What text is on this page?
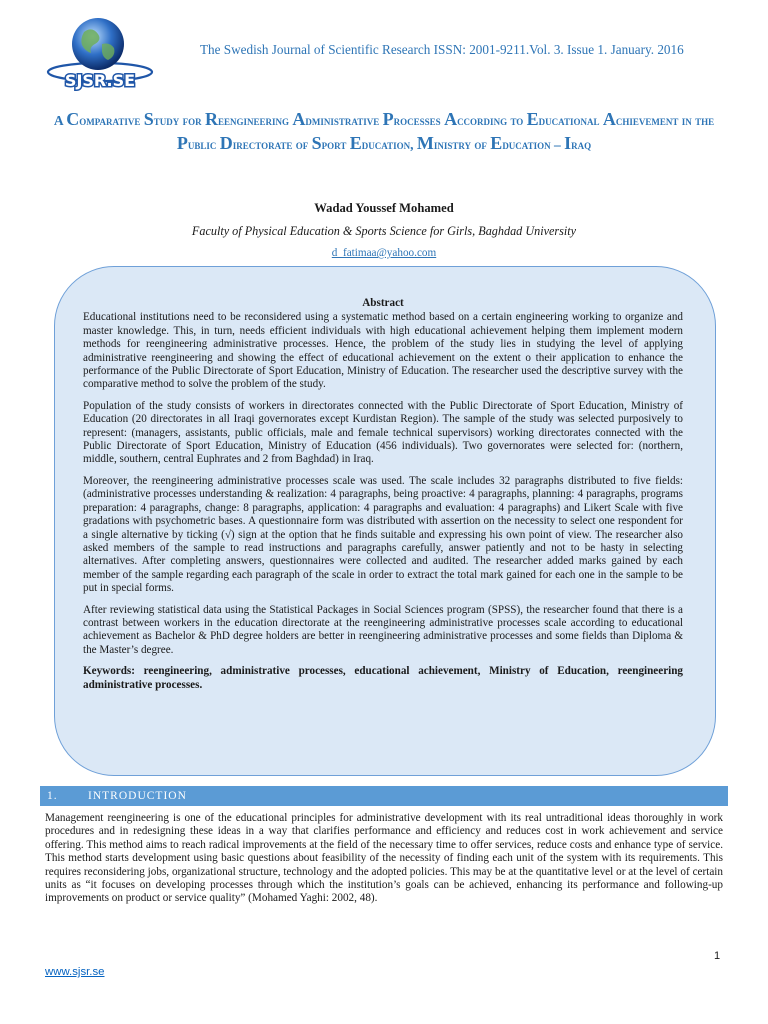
SJSR.SE
The Swedish Journal of Scientific Research ISSN: 2001-9211.Vol. 3. Issue 1. January. 2016
A Comparative Study for Reengineering Administrative Processes According to Educational Achievement in the Public Directorate of Sport Education, Ministry of Education – Iraq
Wadad Youssef Mohamed
Faculty of Physical Education & Sports Science for Girls, Baghdad University
d_fatimaa@yahoo.com

Abstract

Educational institutions need to be reconsidered using a systematic method based on a certain engineering working to organize and master knowledge. This, in turn, needs efficient individuals with high educational achievement helping them implement modern methods for reengineering administrative processes. Hence, the problem of the study lies in studying the level of applying administrative reengineering and showing the effect of educational achievement on the extent o their application to enhance the performance of the Public Directorate of Sport Education, Ministry of Education. The researcher used the descriptive survey with the comparative method to solve the problem of the study.

Population of the study consists of workers in directorates connected with the Public Directorate of Sport Education, Ministry of Education (20 directorates in all Iraqi governorates except Kurdistan Region). The sample of the study was selected purposively to represent: (managers, assistants, public officials, male and female technical supervisors) working directorates connected with the Public Directorate of Sport Education, Ministry of Education (456 individuals). Two governorates were selected for: (northern, middle, southern, central Euphrates and 2 from Baghdad) in Iraq.

Moreover, the reengineering administrative processes scale was used. The scale includes 32 paragraphs distributed to five fields: (administrative processes understanding & realization: 4 paragraphs, being proactive: 4 paragraphs, planning: 4 paragraphs, programs preparation: 4 paragraphs, change: 8 paragraphs, application: 4 paragraphs and evaluation: 4 paragraphs) and Likert Scale with five gradations with psychometric bases. A questionnaire form was distributed with assertion on the necessity to select one respondent for a single alternative by ticking (√) sign at the option that he finds suitable and expressing his own point of view. The researcher also asked members of the sample to read instructions and paragraphs carefully, answer patiently and not to be hasty in selecting alternatives. After completing answers, questionnaires were collected and audited. The researcher added marks gained by each member of the sample regarding each paragraph of the scale in order to extract the total mark gained for each one in the sample to be put in special forms.

After reviewing statistical data using the Statistical Packages in Social Sciences program (SPSS), the researcher found that there is a contrast between workers in the education directorate at the reengineering administrative processes scale according to educational achievement as Bachelor & PhD degree holders are better in reengineering administrative processes and some fields than Diploma & the Master’s degree.

Keywords: reengineering, administrative processes, educational achievement, Ministry of Education, reengineering administrative processes.

1.	INTRODUCTION

Management reengineering is one of the educational principles for administrative development with its real untraditional ideas thoroughly in work procedures and in redesigning these ideas in a way that clarifies performance and efficiency and reduces cost in work achievement and service offering. This method aims to reach radical improvements at the field of the necessary time to offer services, reduce costs and enhance type of service. This method starts development using basic questions about feasibility of the necessity of finding each unit of the system with its requirements. This requires reconsidering jobs, organizational structure, technology and the adopted policies. This may be at the quantitative level or at the level of certain units as “it focuses on developing processes through which the institution’s goals can be achieved, enhancing its performance and following-up improvements on product or service quality” (Mohamed Yaghi: 2002, 48).

www.sjsr.se
1
